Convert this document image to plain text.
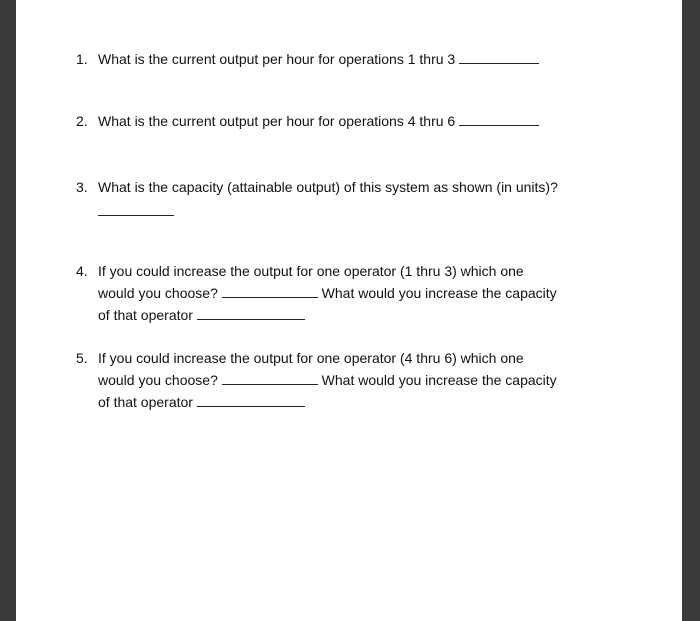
1. What is the current output per hour for operations 1 thru 3
2. What is the current output per hour for operations 4 thru 6
3. What is the capacity (attainable output) of this system as shown (in units)?
4. If you could increase the output for one operator (1 thru 3) which one
would you choose?	What would you increase the capacity
of that operator
5. If you could increase the output for one operator (4 thru 6) which one
would you choose?	What would you increase the capacity
of that operator
